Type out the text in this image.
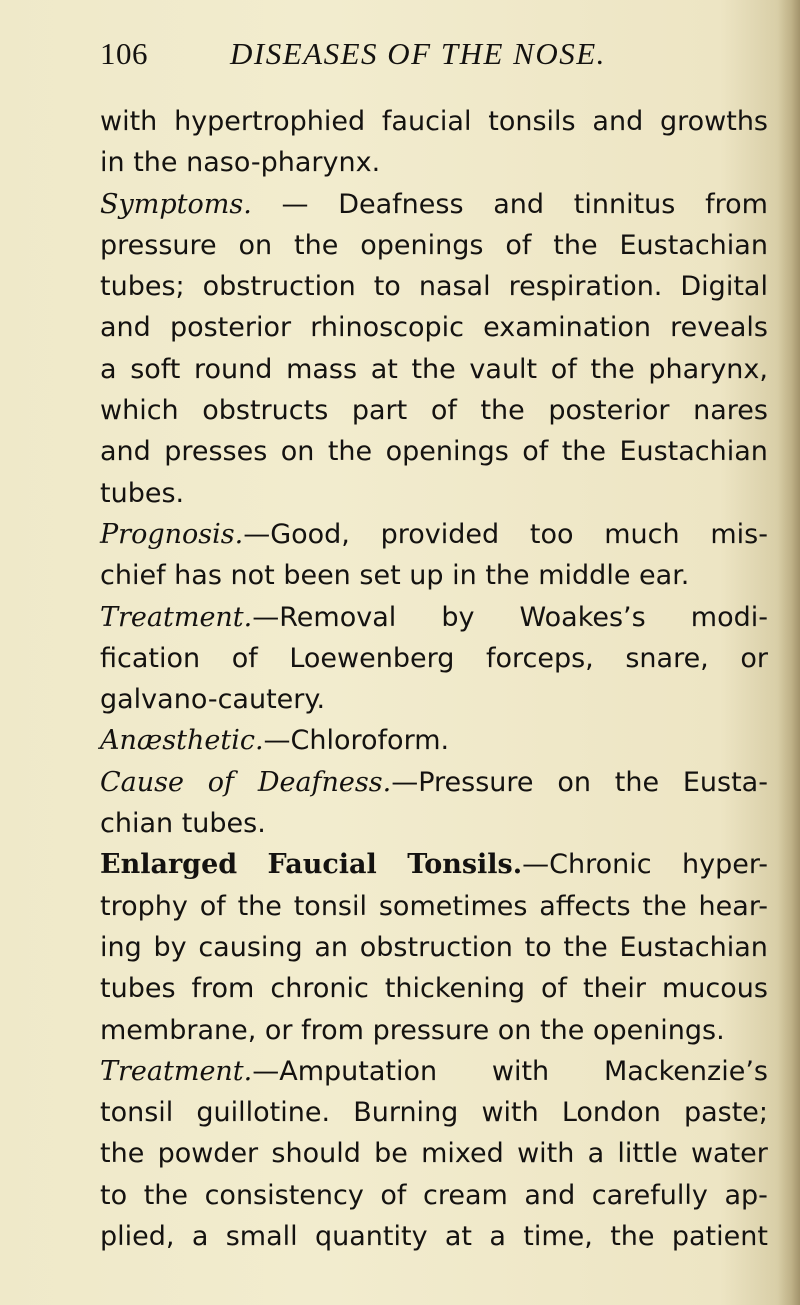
106	DISEASES OF THE NOSE.
with hypertrophied faucial tonsils and growths
in the naso-pharynx.
Symptoms. — Deafness and tinnitus from
pressure on the openings of the Eustachian
tubes; obstruction to nasal respiration. Digital
and posterior rhinoscopic examination reveals
a soft round mass at the vault of the pharynx,
which obstructs part of the posterior nares
and presses on the openings of the Eustachian
tubes.
Prognosis.—Good, provided too much mis-
chief has not been set up in the middle ear.
Treatment.—Removal by Woakes’s modi-
fication of Loewenberg forceps, snare, or
galvano-cautery.
Anæsthetic.—Chloroform.
Cause of Deafness.—Pressure on the Eusta-
chian tubes.
Enlarged Faucial Tonsils.—Chronic hyper-
trophy of the tonsil sometimes affects the hear-
ing by causing an obstruction to the Eustachian
tubes from chronic thickening of their mucous
membrane, or from pressure on the openings.
Treatment.—Amputation with Mackenzie’s
tonsil guillotine. Burning with London paste;
the powder should be mixed with a little water
to the consistency of cream and carefully ap-
plied, a small quantity at a time, the patient
